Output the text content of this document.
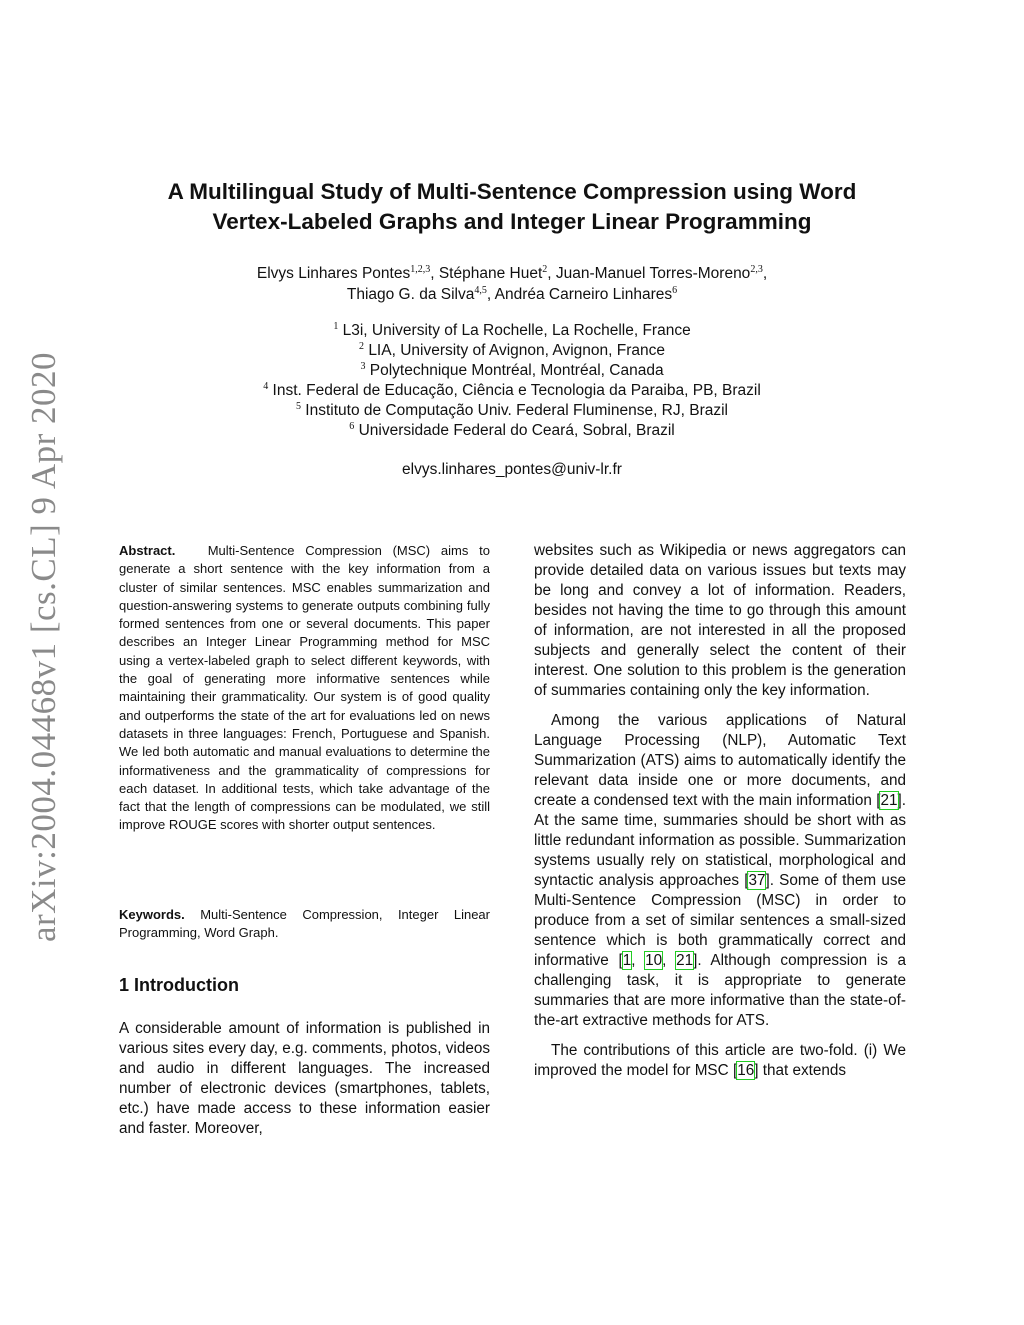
arXiv:2004.04468v1 [cs.CL] 9 Apr 2020
A Multilingual Study of Multi-Sentence Compression using Word
Vertex-Labeled Graphs and Integer Linear Programming
Elvys Linhares Pontes$^{1,2,3}$, Stéphane Huet$^2$, Juan-Manuel Torres-Moreno$^{2,3}$,
Thiago G. da Silva$^{4,5}$, Andréa Carneiro Linhares$^6$
$^1$ L3i, University of La Rochelle, La Rochelle, France
$^2$ LIA, University of Avignon, Avignon, France
$^3$ Polytechnique Montréal, Montréal, Canada
$^4$ Inst. Federal de Educação, Ciência e Tecnologia da Paraiba, PB, Brazil
$^5$ Instituto de Computação Univ. Federal Fluminense, RJ, Brazil
$^6$ Universidade Federal do Ceará, Sobral, Brazil
elvys.linhares_pontes@univ-lr.fr
Abstract. Multi-Sentence Compression (MSC) aims to generate a short sentence with the key information from a cluster of similar sentences. MSC enables summarization and question-answering systems to generate outputs combining fully formed sentences from one or several documents. This paper describes an Integer Linear Programming method for MSC using a vertex-labeled graph to select different keywords, with the goal of generating more informative sentences while maintaining their grammaticality. Our system is of good quality and outperforms the state of the art for evaluations led on news datasets in three languages: French, Portuguese and Spanish. We led both automatic and manual evaluations to determine the informativeness and the grammaticality of compressions for each dataset. In additional tests, which take advantage of the fact that the length of compressions can be modulated, we still improve ROUGE scores with shorter output sentences.
Keywords. Multi-Sentence Compression, Integer Linear Programming, Word Graph.
1 Introduction

A considerable amount of information is published in various sites every day, e.g. comments, photos, videos and audio in different languages. The increased number of electronic devices (smartphones, tablets, etc.) have made access to these information easier and faster. Moreover,

websites such as Wikipedia or news aggregators can provide detailed data on various issues but texts may be long and convey a lot of information. Readers, besides not having the time to go through this amount of information, are not interested in all the proposed subjects and generally select the content of their interest. One solution to this problem is the generation of summaries containing only the key information.

Among the various applications of Natural Language Processing (NLP), Automatic Text Summarization (ATS) aims to automatically identify the relevant data inside one or more documents, and create a condensed text with the main information [21]. At the same time, summaries should be short with as little redundant information as possible. Summarization systems usually rely on statistical, morphological and syntactic analysis approaches [37]. Some of them use Multi-Sentence Compression (MSC) in order to produce from a set of similar sentences a small-sized sentence which is both grammatically correct and informative [1, 10, 21]. Although compression is a challenging task, it is appropriate to generate summaries that are more informative than the state-of-the-art extractive methods for ATS.

The contributions of this article are two-fold. (i) We improved the model for MSC [16] that extends
